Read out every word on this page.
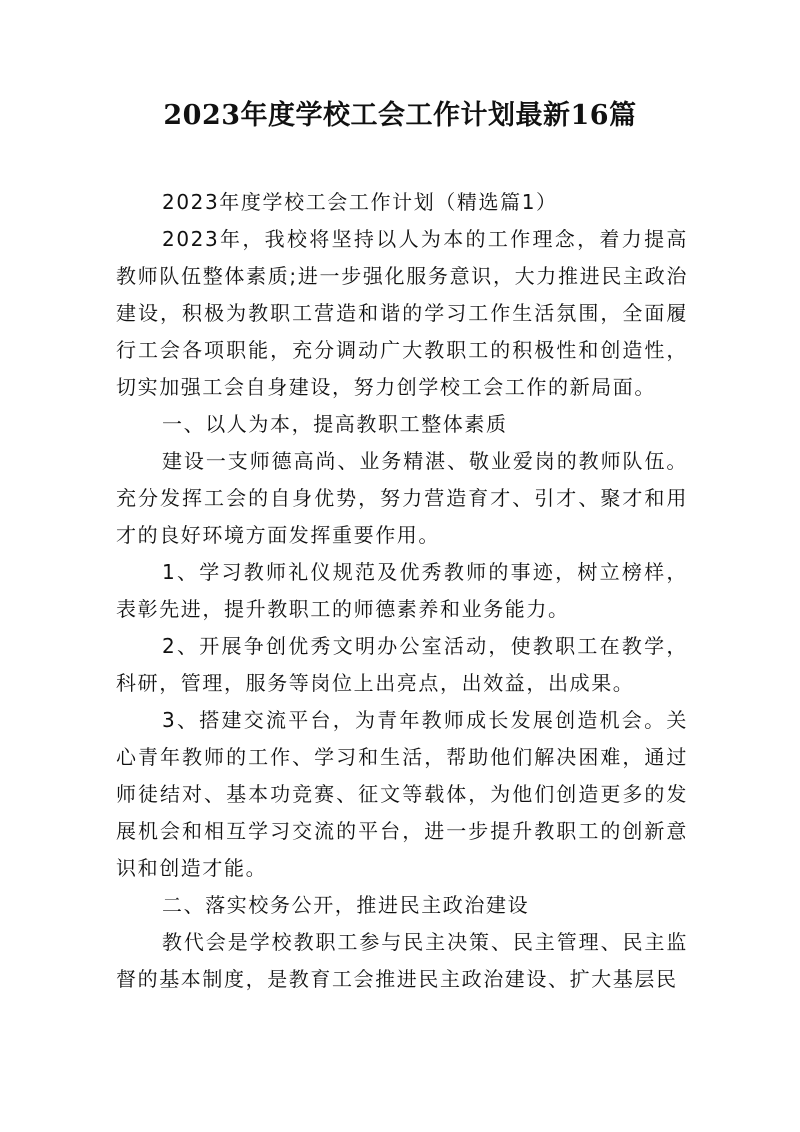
2023年度学校工会工作计划最新16篇

2023年度学校工会工作计划（精选篇1）

2023年，我校将坚持以人为本的工作理念，着力提高教师队伍整体素质;进一步强化服务意识，大力推进民主政治建设，积极为教职工营造和谐的学习工作生活氛围，全面履行工会各项职能，充分调动广大教职工的积极性和创造性，切实加强工会自身建设，努力创学校工会工作的新局面。

一、以人为本，提高教职工整体素质

建设一支师德高尚、业务精湛、敬业爱岗的教师队伍。充分发挥工会的自身优势，努力营造育才、引才、聚才和用才的良好环境方面发挥重要作用。

1、学习教师礼仪规范及优秀教师的事迹，树立榜样，表彰先进，提升教职工的师德素养和业务能力。

2、开展争创优秀文明办公室活动，使教职工在教学，科研，管理，服务等岗位上出亮点，出效益，出成果。

3、搭建交流平台，为青年教师成长发展创造机会。关心青年教师的工作、学习和生活，帮助他们解决困难，通过师徒结对、基本功竞赛、征文等载体，为他们创造更多的发展机会和相互学习交流的平台，进一步提升教职工的创新意识和创造才能。

二、落实校务公开，推进民主政治建设

教代会是学校教职工参与民主决策、民主管理、民主监督的基本制度，是教育工会推进民主政治建设、扩大基层民
